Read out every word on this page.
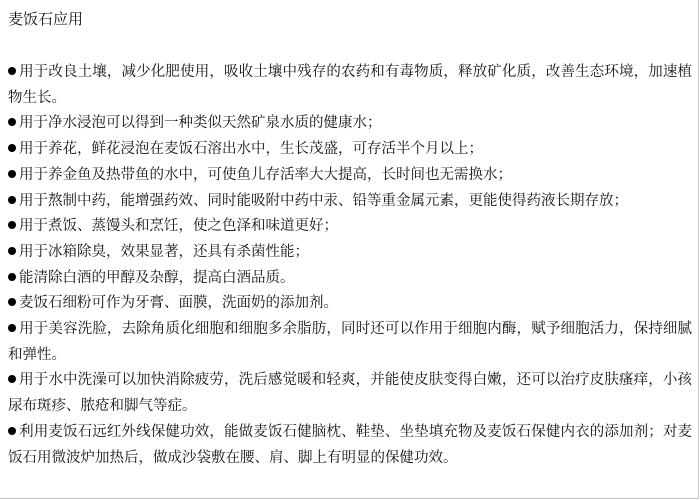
麦饭石应用
用于改良土壤，减少化肥使用，吸收土壤中残存的农药和有毒物质，释放矿化质，改善生态环境，加速植物生长。
用于净水浸泡可以得到一种类似天然矿泉水质的健康水；
用于养花，鲜花浸泡在麦饭石溶出水中，生长茂盛，可存活半个月以上；
用于养金鱼及热带鱼的水中，可使鱼儿存活率大大提高，长时间也无需换水；
用于熬制中药，能增强药效、同时能吸附中药中汞、铅等重金属元素，更能使得药液长期存放；
用于煮饭、蒸馒头和烹饪，使之色泽和味道更好；
用于冰箱除臭，效果显著，还具有杀菌性能；
能清除白酒的甲醇及杂醇，提高白酒品质。
麦饭石细粉可作为牙膏、面膜，洗面奶的添加剂。
用于美容洗脸，去除角质化细胞和细胞多余脂肪，同时还可以作用于细胞内酶，赋予细胞活力，保持细腻和弹性。
用于水中洗澡可以加快消除疲劳，洗后感觉暖和轻爽，并能使皮肤变得白嫩，还可以治疗皮肤瘙痒，小孩尿布斑疹、脓疮和脚气等症。
利用麦饭石远红外线保健功效，能做麦饭石健脑枕、鞋垫、坐垫填充物及麦饭石保健内衣的添加剂；对麦饭石用微波炉加热后，做成沙袋敷在腰、肩、脚上有明显的保健功效。
